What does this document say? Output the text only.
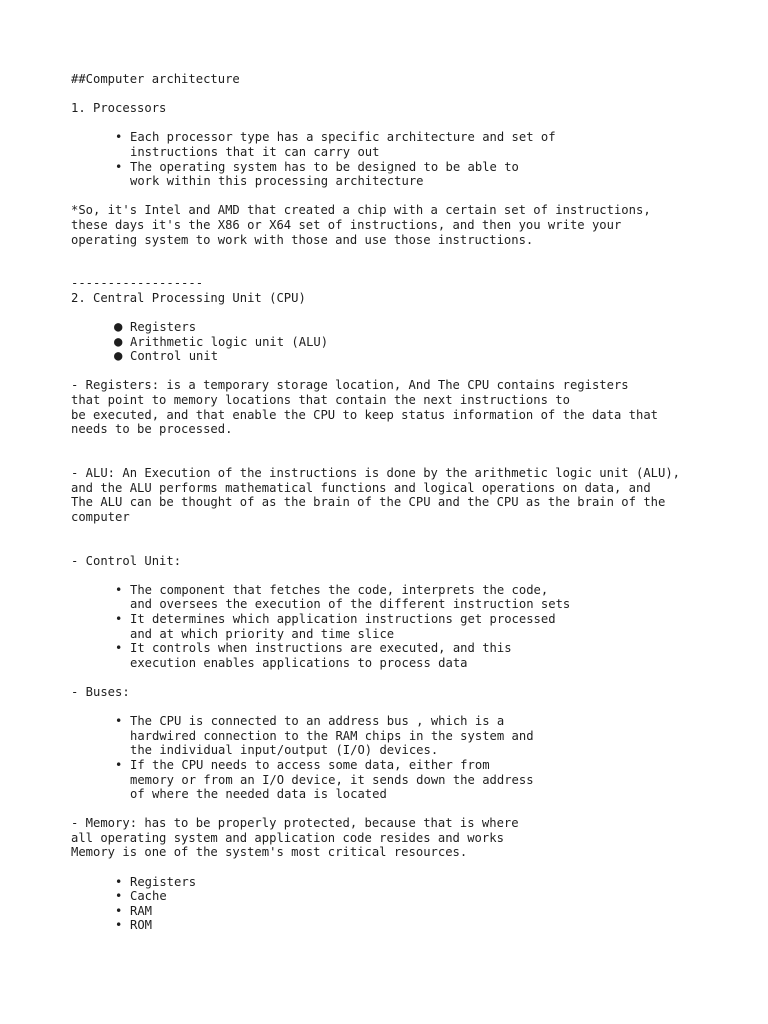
##Computer architecture
1. Processors
• Each processor type has a specific architecture and set of
instructions that it can carry out
• The operating system has to be designed to be able to
work within this processing architecture
*So, it's Intel and AMD that created a chip with a certain set of instructions,
these days it's the X86 or X64 set of instructions, and then you write your
operating system to work with those and use those instructions.
------------------
2. Central Processing Unit (CPU)
● Registers
● Arithmetic logic unit (ALU)
● Control unit
- Registers: is a temporary storage location, And The CPU contains registers
that point to memory locations that contain the next instructions to
be executed, and that enable the CPU to keep status information of the data that
needs to be processed.
- ALU: An Execution of the instructions is done by the arithmetic logic unit (ALU),
and the ALU performs mathematical functions and logical operations on data, and
The ALU can be thought of as the brain of the CPU and the CPU as the brain of the
computer
- Control Unit:
• The component that fetches the code, interprets the code,
and oversees the execution of the different instruction sets
• It determines which application instructions get processed
and at which priority and time slice
• It controls when instructions are executed, and this
execution enables applications to process data
- Buses:
• The CPU is connected to an address bus , which is a
hardwired connection to the RAM chips in the system and
the individual input/output (I/O) devices.
• If the CPU needs to access some data, either from
memory or from an I/O device, it sends down the address
of where the needed data is located
- Memory: has to be properly protected, because that is where
all operating system and application code resides and works
Memory is one of the system's most critical resources.
• Registers
• Cache
• RAM
• ROM
